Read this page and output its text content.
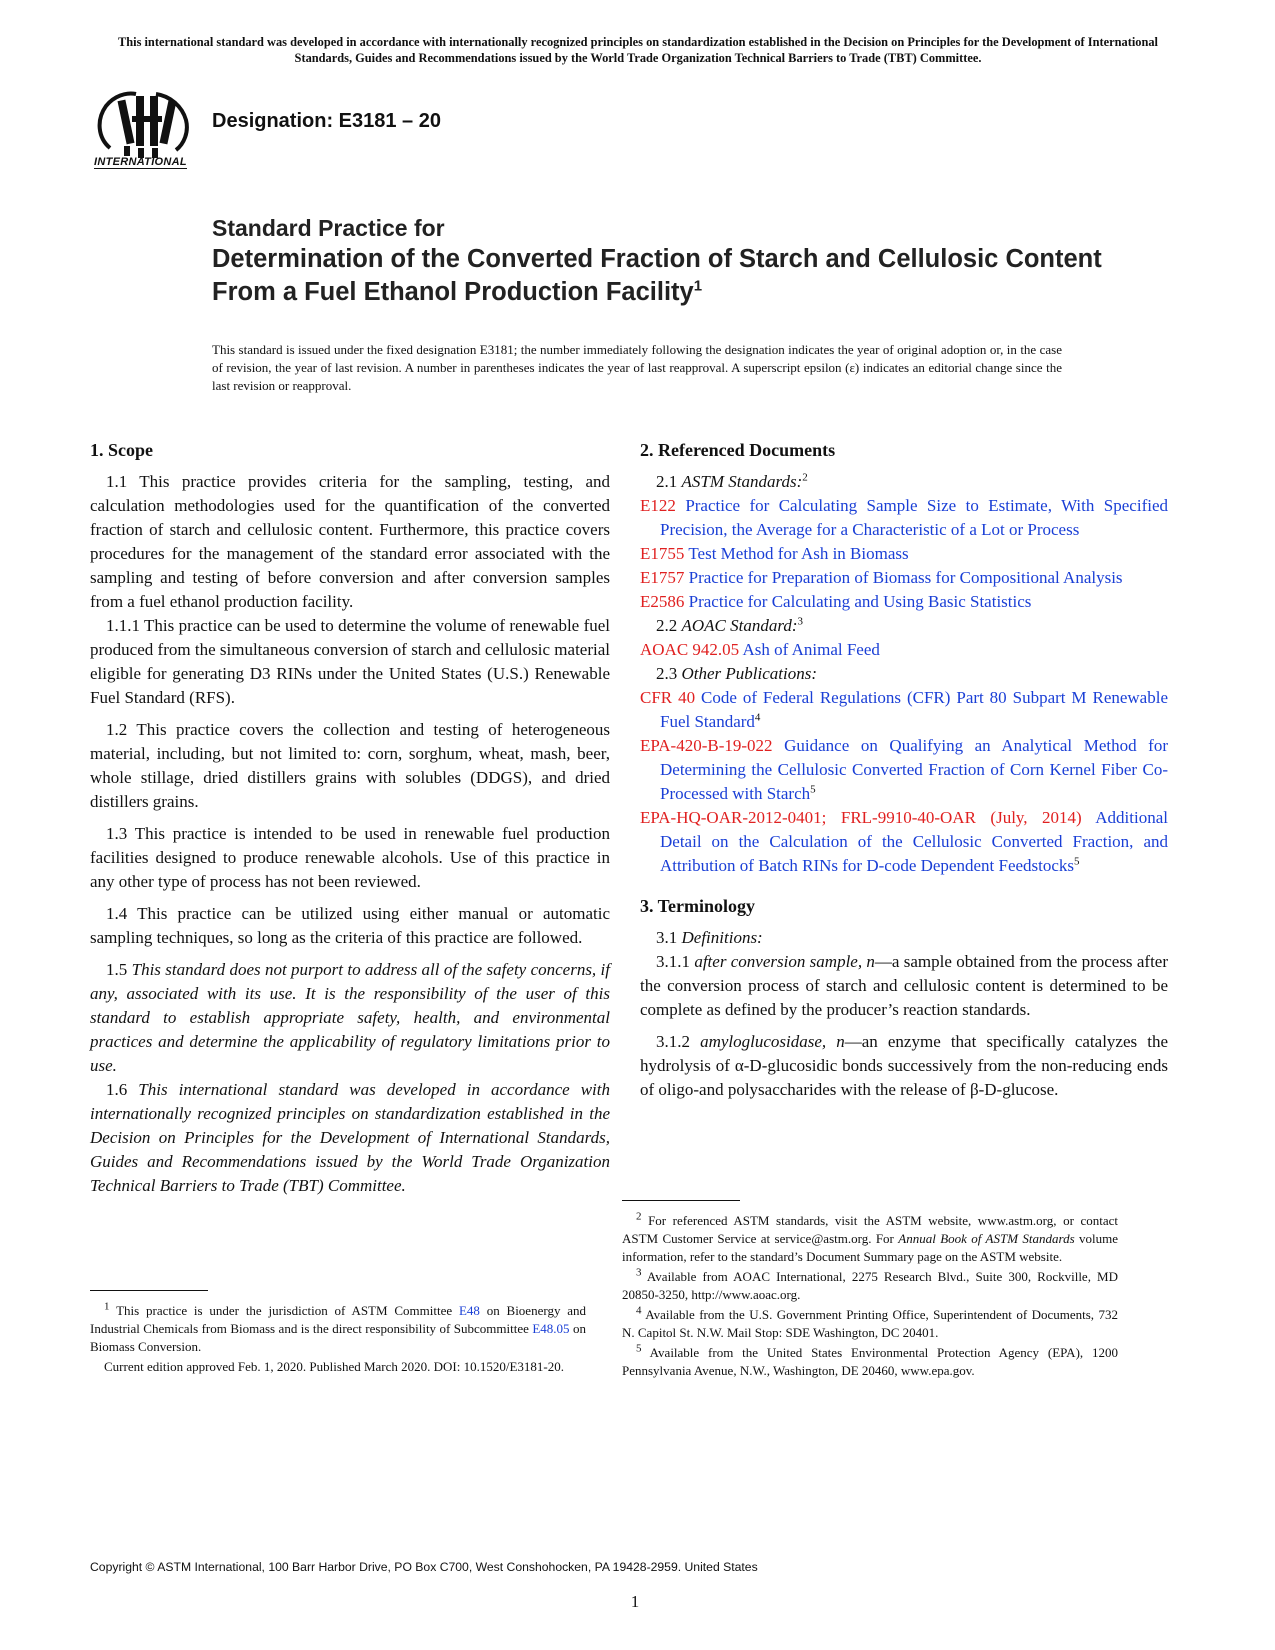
This international standard was developed in accordance with internationally recognized principles on standardization established in the Decision on Principles for the Development of International Standards, Guides and Recommendations issued by the World Trade Organization Technical Barriers to Trade (TBT) Committee.
INTERNATIONAL
Designation: E3181 – 20
Standard Practice for
Determination of the Converted Fraction of Starch and Cellulosic Content From a Fuel Ethanol Production Facility$^1$
This standard is issued under the fixed designation E3181; the number immediately following the designation indicates the year of original adoption or, in the case of revision, the year of last revision. A number in parentheses indicates the year of last reapproval. A superscript epsilon (ε) indicates an editorial change since the last revision or reapproval.
1. Scope

1.1 This practice provides criteria for the sampling, testing, and calculation methodologies used for the quantification of the converted fraction of starch and cellulosic content. Furthermore, this practice covers procedures for the management of the standard error associated with the sampling and testing of before conversion and after conversion samples from a fuel ethanol production facility.

1.1.1 This practice can be used to determine the volume of renewable fuel produced from the simultaneous conversion of starch and cellulosic material eligible for generating D3 RINs under the United States (U.S.) Renewable Fuel Standard (RFS).

1.2 This practice covers the collection and testing of heterogeneous material, including, but not limited to: corn, sorghum, wheat, mash, beer, whole stillage, dried distillers grains with solubles (DDGS), and dried distillers grains.

1.3 This practice is intended to be used in renewable fuel production facilities designed to produce renewable alcohols. Use of this practice in any other type of process has not been reviewed.

1.4 This practice can be utilized using either manual or automatic sampling techniques, so long as the criteria of this practice are followed.

1.5 This standard does not purport to address all of the safety concerns, if any, associated with its use. It is the responsibility of the user of this standard to establish appropriate safety, health, and environmental practices and determine the applicability of regulatory limitations prior to use.

1.6 This international standard was developed in accordance with internationally recognized principles on standardization established in the Decision on Principles for the Development of International Standards, Guides and Recommendations issued by the World Trade Organization Technical Barriers to Trade (TBT) Committee.

2. Referenced Documents

2.1 ASTM Standards:$^2$

E122 Practice for Calculating Sample Size to Estimate, With Specified Precision, the Average for a Characteristic of a Lot or Process

E1755 Test Method for Ash in Biomass

E1757 Practice for Preparation of Biomass for Compositional Analysis

E2586 Practice for Calculating and Using Basic Statistics

2.2 AOAC Standard:$^3$

AOAC 942.05 Ash of Animal Feed

2.3 Other Publications:

CFR 40 Code of Federal Regulations (CFR) Part 80 Subpart M Renewable Fuel Standard$^4$

EPA-420-B-19-022 Guidance on Qualifying an Analytical Method for Determining the Cellulosic Converted Fraction of Corn Kernel Fiber Co-Processed with Starch$^5$

EPA-HQ-OAR-2012-0401; FRL-9910-40-OAR (July, 2014) Additional Detail on the Calculation of the Cellulosic Converted Fraction, and Attribution of Batch RINs for D-code Dependent Feedstocks$^5$

3. Terminology

3.1 Definitions:

3.1.1 after conversion sample, n—a sample obtained from the process after the conversion process of starch and cellulosic content is determined to be complete as defined by the producer’s reaction standards.

3.1.2 amyloglucosidase, n—an enzyme that specifically catalyzes the hydrolysis of α-D-glucosidic bonds successively from the non-reducing ends of oligo-and polysaccharides with the release of β-D-glucose.

$^1$ This practice is under the jurisdiction of ASTM Committee E48 on Bioenergy and Industrial Chemicals from Biomass and is the direct responsibility of Subcommittee E48.05 on Biomass Conversion.

Current edition approved Feb. 1, 2020. Published March 2020. DOI: 10.1520/E3181-20.

$^2$ For referenced ASTM standards, visit the ASTM website, www.astm.org, or contact ASTM Customer Service at service@astm.org. For Annual Book of ASTM Standards volume information, refer to the standard’s Document Summary page on the ASTM website.

$^3$ Available from AOAC International, 2275 Research Blvd., Suite 300, Rockville, MD 20850-3250, http://www.aoac.org.

$^4$ Available from the U.S. Government Printing Office, Superintendent of Documents, 732 N. Capitol St. N.W. Mail Stop: SDE Washington, DC 20401.

$^5$ Available from the United States Environmental Protection Agency (EPA), 1200 Pennsylvania Avenue, N.W., Washington, DE 20460, www.epa.gov.

Copyright © ASTM International, 100 Barr Harbor Drive, PO Box C700, West Conshohocken, PA 19428-2959. United States
1
